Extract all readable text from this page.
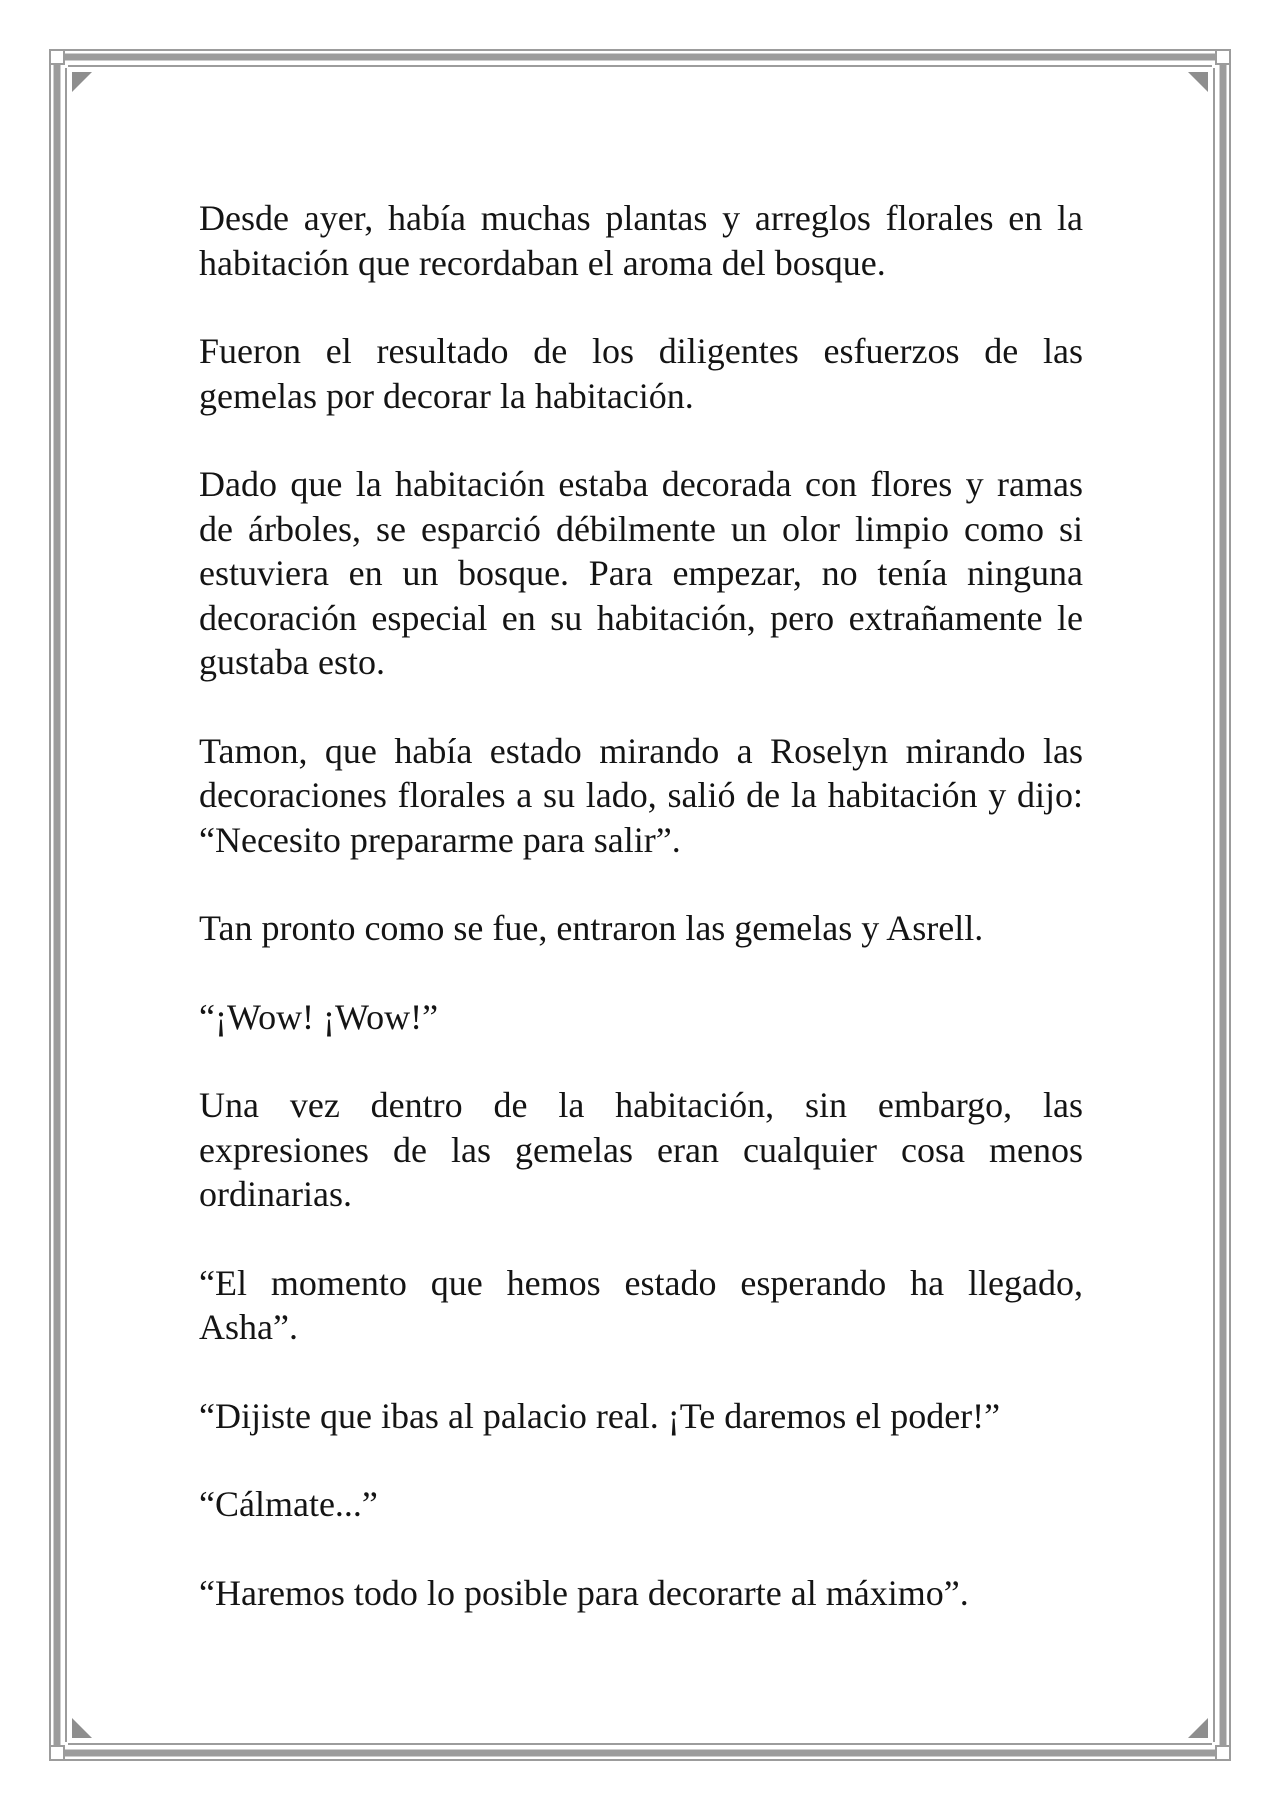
Desde ayer, había muchas plantas y arreglos florales en la habitación que recordaban el aroma del bosque.

Fueron el resultado de los diligentes esfuerzos de las gemelas por decorar la habitación.

Dado que la habitación estaba decorada con flores y ramas de árboles, se esparció débilmente un olor limpio como si estuviera en un bosque. Para empezar, no tenía ninguna decoración especial en su habitación, pero extrañamente le gustaba esto.

Tamon, que había estado mirando a Roselyn mirando las decoraciones florales a su lado, salió de la habitación y dijo: “Necesito prepararme para salir”.

Tan pronto como se fue, entraron las gemelas y Asrell.

“¡Wow! ¡Wow!”

Una vez dentro de la habitación, sin embargo, las expresiones de las gemelas eran cualquier cosa menos ordinarias.

“El momento que hemos estado esperando ha llegado, Asha”.

“Dijiste que ibas al palacio real. ¡Te daremos el poder!”

“Cálmate...”

“Haremos todo lo posible para decorarte al máximo”.
